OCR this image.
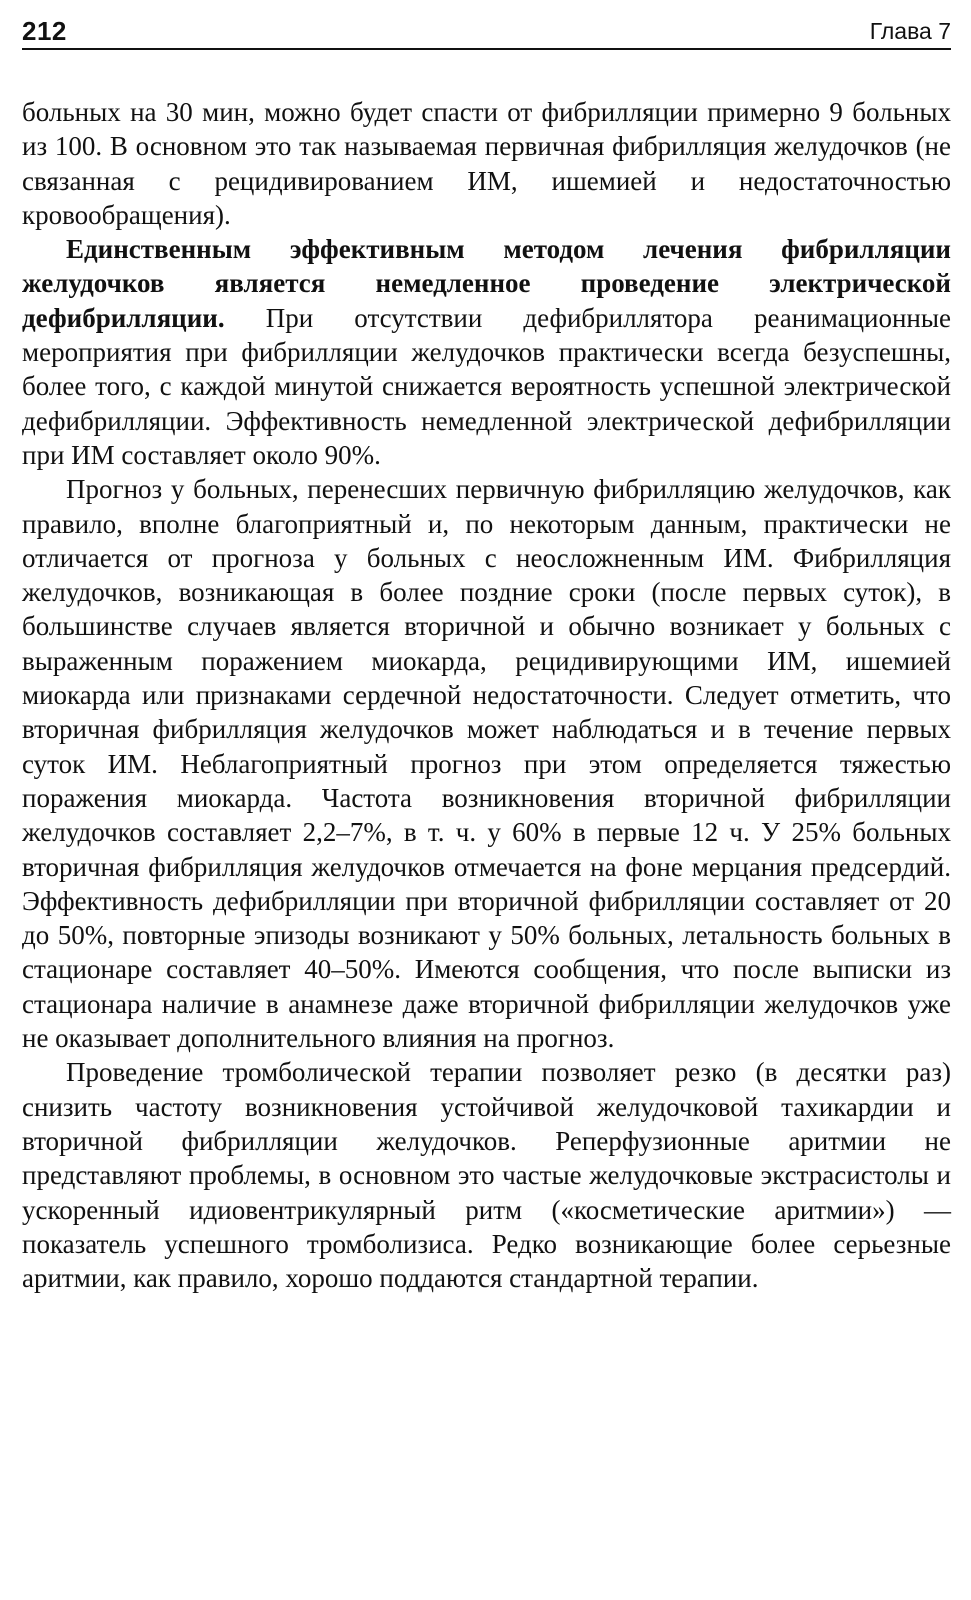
212	Глава 7

больных на 30 мин, можно будет спасти от фибрилляции примерно 9 больных из 100. В основном это так называемая первичная фибрилляция желудочков (не связанная с рецидивированием ИМ, ишемией и недостаточностью кровообращения).

Единственным эффективным методом лечения фибрилляции желудочков является немедленное проведение электрической дефибрилляции. При отсутствии дефибриллятора реанимационные мероприятия при фибрилляции желудочков практически всегда безуспешны, более того, с каждой минутой снижается вероятность успешной электрической дефибрилляции. Эффективность немедленной электрической дефибрилляции при ИМ составляет около 90%.

Прогноз у больных, перенесших первичную фибрилляцию желудочков, как правило, вполне благоприятный и, по некоторым данным, практически не отличается от прогноза у больных с неосложненным ИМ. Фибрилляция желудочков, возникающая в более поздние сроки (после первых суток), в большинстве случаев является вторичной и обычно возникает у больных с выраженным поражением миокарда, рецидивирующими ИМ, ишемией миокарда или признаками сердечной недостаточности. Следует отметить, что вторичная фибрилляция желудочков может наблюдаться и в течение первых суток ИМ. Неблагоприятный прогноз при этом определяется тяжестью поражения миокарда. Частота возникновения вторичной фибрилляции желудочков составляет 2,2–7%, в т. ч. у 60% в первые 12 ч. У 25% больных вторичная фибрилляция желудочков отмечается на фоне мерцания предсердий. Эффективность дефибрилляции при вторичной фибрилляции составляет от 20 до 50%, повторные эпизоды возникают у 50% больных, летальность больных в стационаре составляет 40–50%. Имеются сообщения, что после выписки из стационара наличие в анамнезе даже вторичной фибрилляции желудочков уже не оказывает дополнительного влияния на прогноз.

Проведение тромболической терапии позволяет резко (в десятки раз) снизить частоту возникновения устойчивой желудочковой тахикардии и вторичной фибрилляции желудочков. Реперфузионные аритмии не представляют проблемы, в основном это частые желудочковые экстрасистолы и ускоренный идиовентрикулярный ритм («косметические аритмии») — показатель успешного тромболизиса. Редко возникающие более серьезные аритмии, как правило, хорошо поддаются стандартной терапии.
